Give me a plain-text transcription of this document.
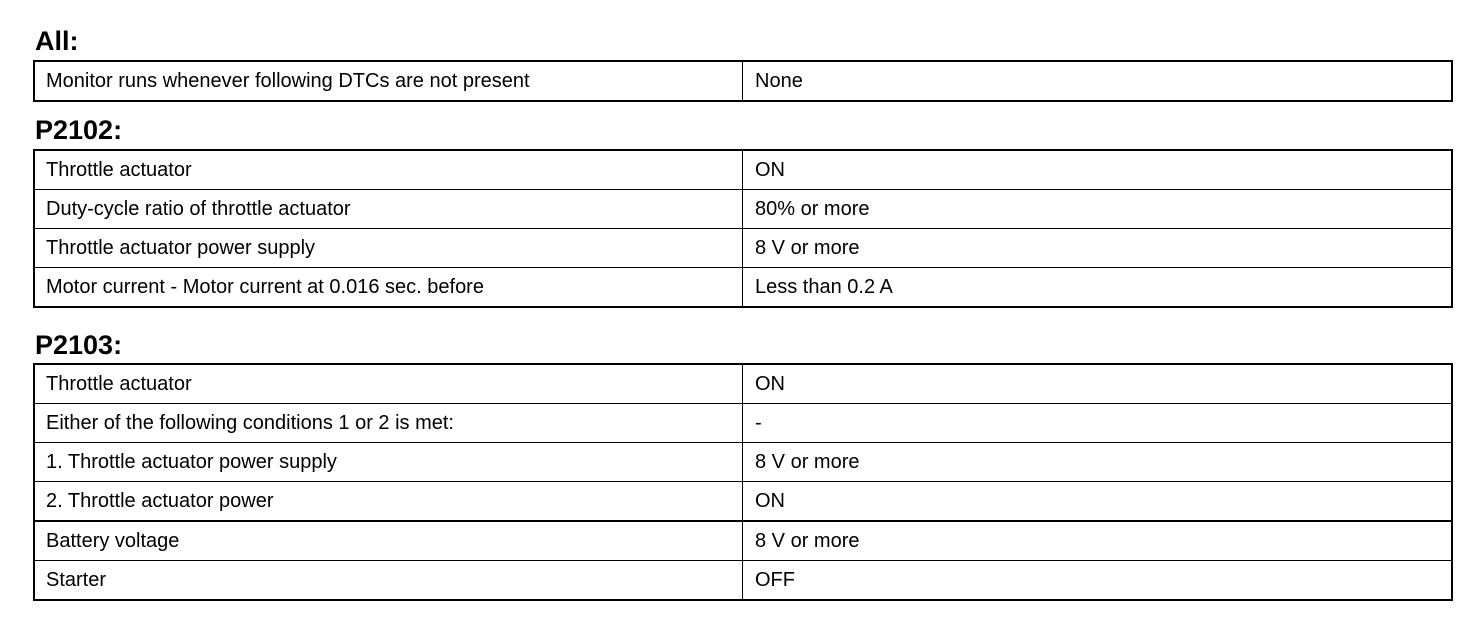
All:
Monitor runs whenever following DTCs are not present	None
P2102:
Throttle actuator	ON
Duty-cycle ratio of throttle actuator	80% or more
Throttle actuator power supply	8 V or more
Motor current - Motor current at 0.016 sec. before	Less than 0.2 A
P2103:
Throttle actuator	ON
Either of the following conditions 1 or 2 is met:	-
1. Throttle actuator power supply	8 V or more
2. Throttle actuator power	ON
Battery voltage	8 V or more
Starter	OFF
